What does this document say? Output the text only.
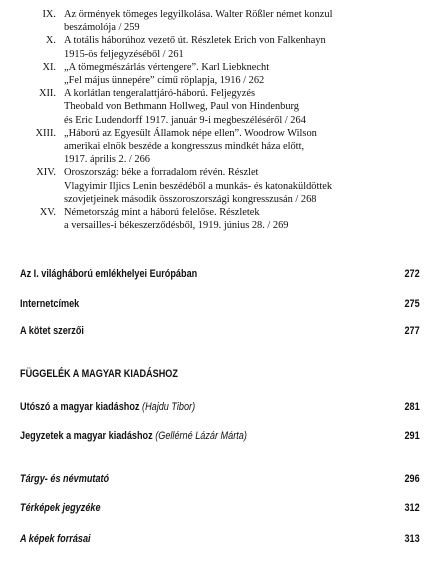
IX. Az örmények tömeges legyilkolása. Walter Rößler német konzul
beszámolója / 259
X. A totális háborúhoz vezető út. Részletek Erich von Falkenhayn
1915-ös feljegyzéséből / 261
XI. „A tömegmészárlás vértengere”. Karl Liebknecht
„Fel május ünnepére” című röplapja, 1916 / 262
XII. A korlátlan tengeralattjáró-háború. Feljegyzés
Theobald von Bethmann Hollweg, Paul von Hindenburg
és Eric Ludendorff 1917. január 9-i megbeszéléséről / 264
XIII. „Háború az Egyesült Államok népe ellen”. Woodrow Wilson
amerikai elnök beszéde a kongresszus mindkét háza előtt,
1917. április 2. / 266
XIV. Oroszország: béke a forradalom révén. Részlet
Vlagyimir Iljics Lenin beszédéből a munkás- és katonaküldöttek
szovjetjeinek második összoroszországi kongresszusán / 268
XV. Németország mint a háború felelőse. Részletek
a versailles-i békeszerződésből, 1919. június 28. / 269
Az I. világháború emlékhelyei Európában	272
Internetcímek	275
A kötet szerzői	277
FÜGGELÉK A MAGYAR KIADÁSHOZ
Utószó a magyar kiadáshoz (Hajdu Tibor)	281
Jegyzetek a magyar kiadáshoz (Gellérné Lázár Márta)	291
Tárgy- és névmutató	296
Térképek jegyzéke	312
A képek forrásai	313
